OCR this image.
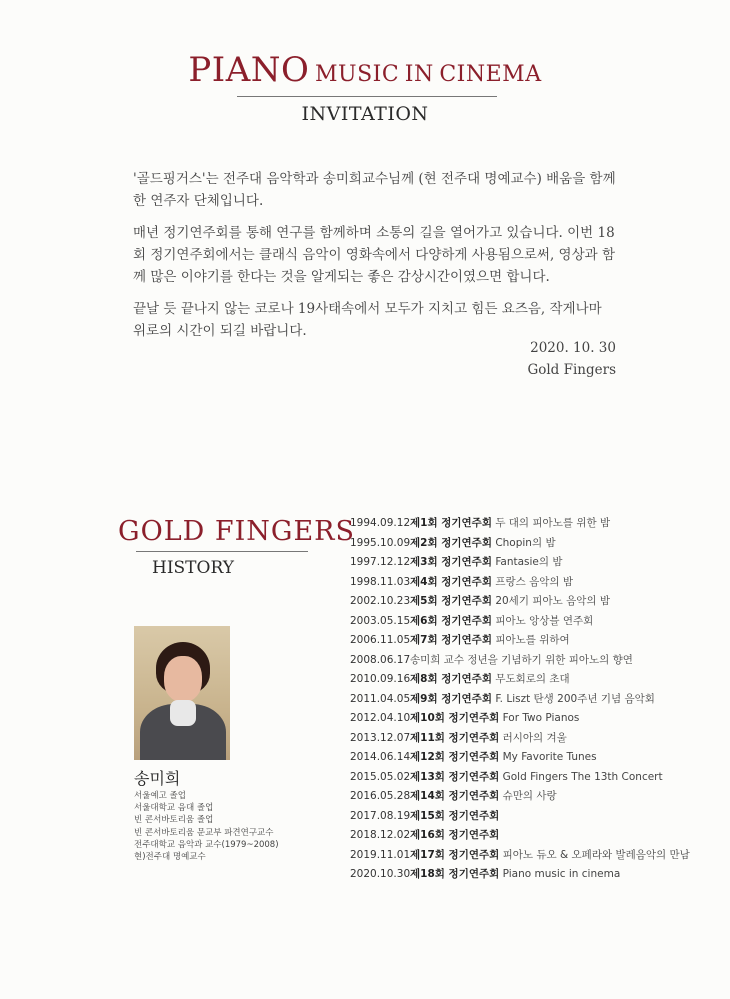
PIANO MUSIC IN CINEMA
INVITATION

'골드핑거스'는 전주대 음악학과 송미희교수님께 (현 전주대 명예교수) 배움을 함께 한 연주자 단체입니다.

매년 정기연주회를 통해 연구를 함께하며 소통의 길을 열어가고 있습니다. 이번 18회 정기연주회에서는 클래식 음악이 영화속에서 다양하게 사용됨으로써, 영상과 함께 많은 이야기를 한다는 것을 알게되는 좋은 감상시간이였으면 합니다.

끝날 듯 끝나지 않는 코로나 19사태속에서 모두가 지치고 힘든 요즈음, 작게나마 위로의 시간이 되길 바랍니다.

2020. 10. 30
Gold Fingers
GOLD FINGERS
HISTORY
송미희
서울예고 졸업
서울대학교 음대 졸업
빈 콘서바토리움 졸업
빈 콘서바토리움 문교부 파견연구교수
전주대학교 음악과 교수(1979~2008)
현)전주대 명예교수
1994.09.12제1회 정기연주회 두 대의 피아노를 위한 밤
1995.10.09제2회 정기연주회 Chopin의 밤
1997.12.12제3회 정기연주회 Fantasie의 밤
1998.11.03제4회 정기연주회 프랑스 음악의 밤
2002.10.23제5회 정기연주회 20세기 피아노 음악의 밤
2003.05.15제6회 정기연주회 피아노 앙상블 연주회
2006.11.05제7회 정기연주회 피아노를 위하여
2008.06.17송미희 교수 정년을 기념하기 위한 피아노의 향연
2010.09.16제8회 정기연주회 무도회로의 초대
2011.04.05제9회 정기연주회 F. Liszt 탄생 200주년 기념 음악회
2012.04.10제10회 정기연주회 For Two Pianos
2013.12.07제11회 정기연주회 러시아의 겨울
2014.06.14제12회 정기연주회 My Favorite Tunes
2015.05.02제13회 정기연주회 Gold Fingers The 13th Concert
2016.05.28제14회 정기연주회 슈만의 사랑
2017.08.19제15회 정기연주회
2018.12.02제16회 정기연주회
2019.11.01제17회 정기연주회 피아노 듀오 & 오페라와 발레음악의 만남
2020.10.30제18회 정기연주회 Piano music in cinema
